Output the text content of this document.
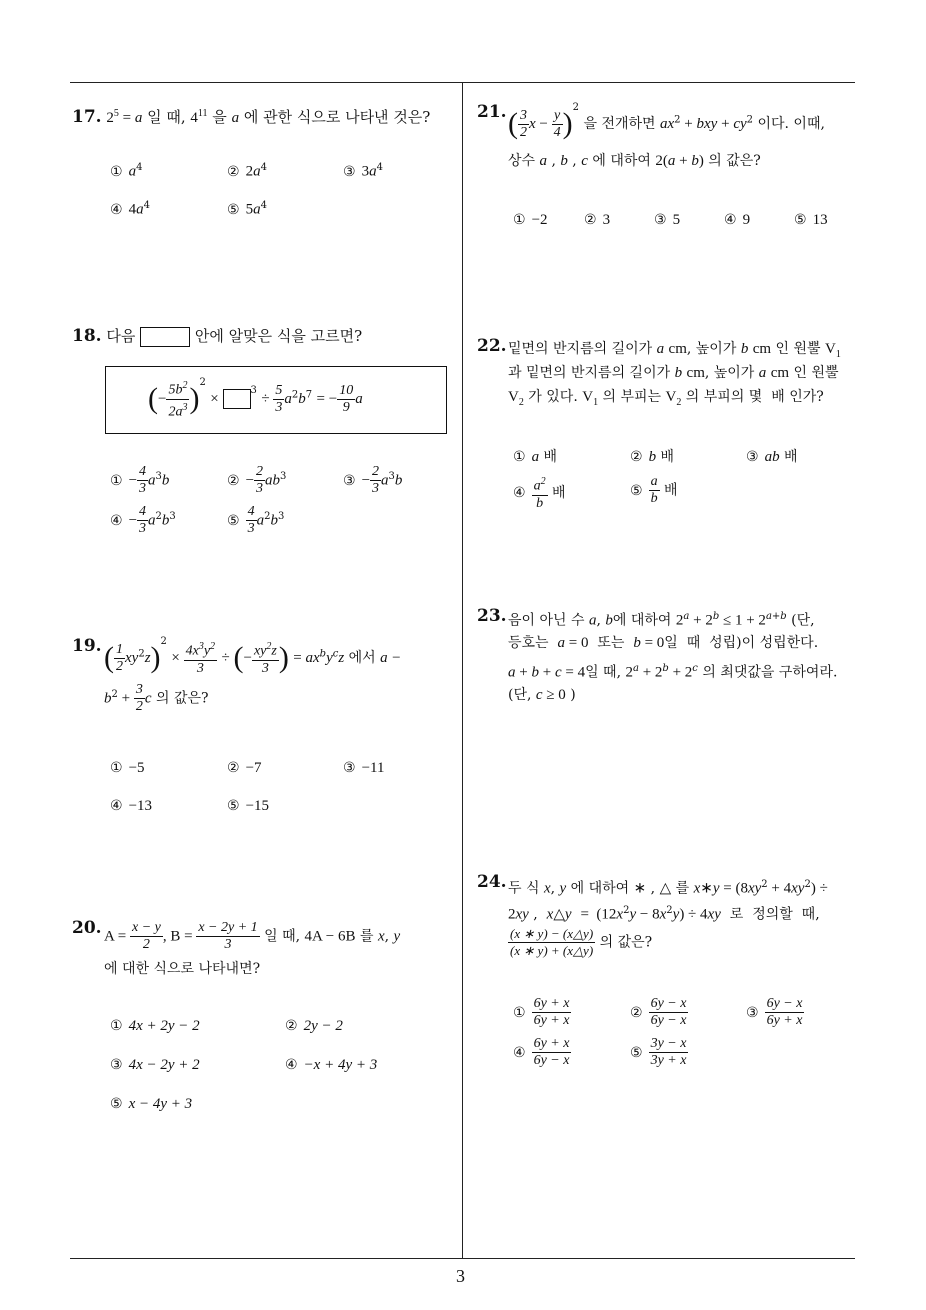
17. $2^5 = a$ 일 때, $4^{11}$ 을 a 에 관한 식으로 나타낸 것은?
① $a^4$	② $2a^4$	③ $3a^4$
④ $4a^4$	⑤ $5a^4$
18. 다음	안에 알맞은 식을 고르면?
(− $\frac{5b^2}{2a^3} )^2 \times ^3 \div \frac{5}{3} a^2b^7$ = − $\frac{10}{9}$ a
① − $\frac{4}{3} a^3b$	② − $\frac{2}{3} ab^3$	③ − $\frac{2}{3} a^3b$
④ − $\frac{4}{3} a^2b^3$	⑤ $\frac{4}{3} a^2b^3$
19. ( $\frac{1}{2} xy^2z)^2 \times \frac{4x^3y^2}{3}$ ÷ (− $\frac{xy^2z}{3}$ ) = $ax^by^cz$ 에서 a −
$b^2 + \frac{3}{2}$ c 의 값은?
① −5	② −7	③ −11
④ −13	⑤ −15
20. $A = \frac{x - y}{2}$ , $B = \frac{x - 2y + 1}{3}$ 일 때, 4A − 6B 를 x, y
에 대한 식으로 나타내면?
① 4x + 2y − 2	② 2y − 2
③ 4x − 2y + 2	④ −x + 4y + 3
⑤ x − 4y + 3
21. ( $\frac{3}{2}$ $x - \frac{y}{4} )^2$ 을 전개하면 $ax^2$ + bxy + $cy^2$ 이다. 이때,
상수 a , b , c 에 대하여 2(a + b) 의 값은?
① −2	② 3	③ 5	④ 9	⑤ 13
22. 밑면의 반지름의 길이가 a cm, 높이가 b cm 인 원뿔 $V_1$
과 밑면의 반지름의 길이가 b cm, 높이가 a cm 인 원뿔
$V_2$ 가 있다. $V_1$ 의 부피는 $V_2$ 의 부피의 몇  배 인가?
① a 배	② b 배	③ ab 배
④ $\frac{a^2}{b}$ 배	⑤ $\frac{a}{b}$ 배
23. 음이 아닌 수 a, b에 대하여 $2^a + 2^b \le 1 + 2^{a+b}$ (단,
등호는  a = 0  또는  b = 0일  때  성립)이 성립한다.
a + b + c = 4일 때, $2^a + 2^b + 2^c$ 의 최댓값을 구하여라.
(단, c ≥ 0 )
24. 두 식 x, y 에 대하여 ∗ , △ 를 x∗y = $(8xy^2 + 4xy^2)$ ÷
2xy ,  x△y =  $(12x^2y - 8x^2y) \div 4xy$  로  정의할  때,
$\frac{(x ∗ y) - (x\triangle y)}{(x ∗ y) + (x\triangle y)}$ 의 값은?
① $\frac{6y + x}{6y + x}$	② $\frac{6y - x}{6y - x}$	③ $\frac{6y - x}{6y + x}$
④ $\frac{6y + x}{6y - x}$	⑤ $\frac{3y - x}{3y + x}$
3
